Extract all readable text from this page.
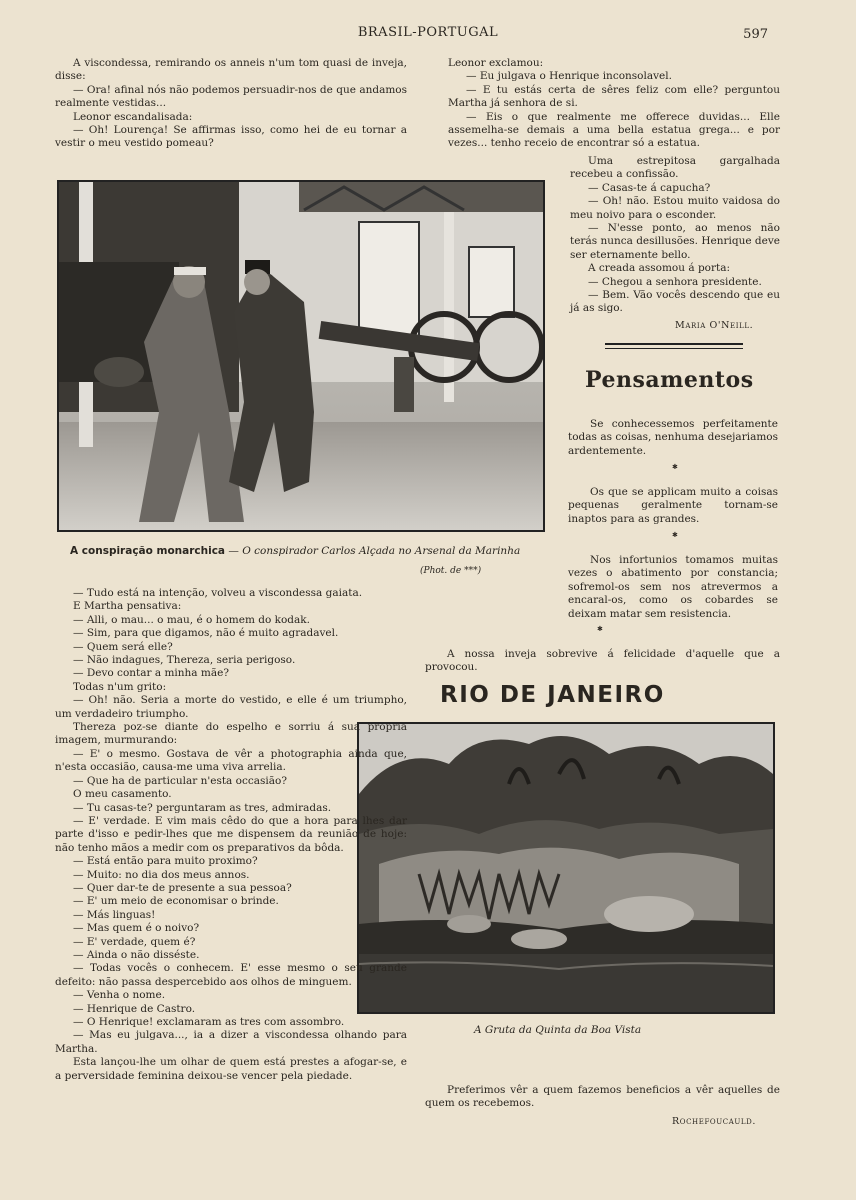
BRASIL-PORTUGAL	597

A viscondessa, remirando os anneis n'um tom quasi de inveja, disse:

— Ora! afinal nós não podemos persuadir-nos de que andamos realmente vestidas...

Leonor escandalisada:

— Oh! Lourença! Se affirmas isso, como hei de eu tornar a vestir o meu vestido pomeau?

Leonor exclamou:

— Eu julgava o Henrique inconsolavel.

— E tu estás certa de sêres feliz com elle? perguntou Martha já senhora de si.

— Eis o que realmente me offerece duvidas... Elle assemelha-se demais a uma bella estatua grega... e por vezes... tenho receio de encontrar só a estatua.

Uma estrepitosa gargalhada recebeu a confissão.

— Casas-te á capucha?

— Oh! não. Estou muito vaidosa do meu noivo para o esconder.

— N'esse ponto, ao menos não terás nunca desillusões. Henrique deve ser eternamente bello.

A creada assomou á porta:

— Chegou a senhora presidente.

— Bem. Vão vocês descendo que eu já as sigo.

Maria O'Neill.
A conspiração monarchica — O conspirador Carlos Alçada no Arsenal da Marinha
(Phot. de ***)
Pensamentos

Se conhecessemos perfeitamente todas as coisas, nenhuma desejariamos ardentemente.

✱

Os que se applicam muito a coisas pequenas geralmente tornam-se inaptos para as grandes.

✱

Nos infortunios tomamos muitas vezes o abatimento por constancia; sofremol-os sem nos atrevermos a encaral-os, como os cobardes se deixam matar sem resistencia.

✱

A nossa inveja sobrevive á felicidade d'aquelle que a provocou.

RIO DE JANEIRO
A Gruta da Quinta da Boa Vista

— Tudo está na intenção, volveu a viscondessa gaiata.

E Martha pensativa:

— Alli, o mau... o mau, é o homem do kodak.

— Sim, para que digamos, não é muito agradavel.

— Quem será elle?

— Não indagues, Thereza, seria perigoso.

— Devo contar a minha mãe?

Todas n'um grito:

— Oh! não. Seria a morte do vestido, e elle é um triumpho, um verdadeiro triumpho.

Thereza poz-se diante do espelho e sorriu á sua propria imagem, murmurando:

— E' o mesmo. Gostava de vêr a photographia ainda que, n'esta occasião, causa-me uma viva arrelia.

— Que ha de particular n'esta occasião?

O meu casamento.

— Tu casas-te? perguntaram as tres, admiradas.

— E' verdade. E vim mais cêdo do que a hora para lhes dar parte d'isso e pedir-lhes que me dispensem da reunião de hoje: não tenho mãos a medir com os preparativos da bôda.

— Está então para muito proximo?

— Muito: no dia dos meus annos.

— Quer dar-te de presente a sua pessoa?

— E' um meio de economisar o brinde.

— Más linguas!

— Mas quem é o noivo?

— E' verdade, quem é?

— Ainda o não disséste.

— Todas vocês o conhecem. E' esse mesmo o seu grande defeito: não passa despercebido aos olhos de minguem.

— Venha o nome.

— Henrique de Castro.

— O Henrique! exclamaram as tres com assombro.

— Mas eu julgava..., ia a dizer a viscondessa olhando para Martha.

Esta lançou-lhe um olhar de quem está prestes a afogar-se, e a perversidade feminina deixou-se vencer pela piedade.

Preferimos vêr a quem fazemos beneficios a vêr aquelles de quem os recebemos.

Rochefoucauld.
